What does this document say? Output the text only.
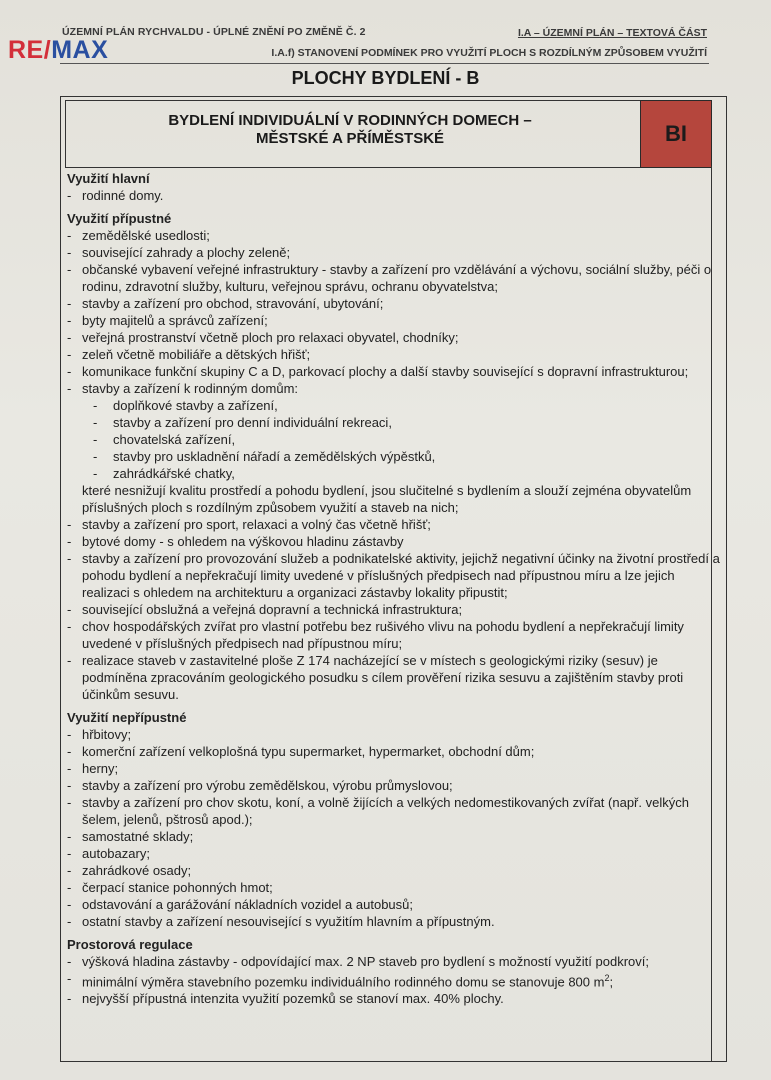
RE/MAX
ÚZEMNÍ PLÁN RYCHVALDU - ÚPLNÉ ZNĚNÍ PO ZMĚNĚ Č. 2	I.A – ÚZEMNÍ PLÁN – TEXTOVÁ ČÁST
I.A.f) STANOVENÍ PODMÍNEK PRO VYUŽITÍ PLOCH S ROZDÍLNÝM ZPŮSOBEM VYUŽITÍ
PLOCHY BYDLENÍ - B
BYDLENÍ INDIVIDUÁLNÍ V RODINNÝCH DOMECH –
MĚSTSKÉ A PŘÍMĚSTSKÉ	BI
Využití hlavní
- rodinné domy.
Využití přípustné
- zemědělské usedlosti;
- související zahrady a plochy zeleně;
- občanské vybavení veřejné infrastruktury - stavby a zařízení pro vzdělávání a výchovu, sociální služby, péči o rodinu, zdravotní služby, kulturu, veřejnou správu, ochranu obyvatelstva;
- stavby a zařízení pro obchod, stravování, ubytování;
- byty majitelů a správců zařízení;
- veřejná prostranství včetně ploch pro relaxaci obyvatel, chodníky;
- zeleň včetně mobiliáře a dětských hřišť;
- komunikace funkční skupiny C a D, parkovací plochy a další stavby související s dopravní infrastrukturou;
- stavby a zařízení k rodinným domům:
-	doplňkové stavby a zařízení,
-	stavby a zařízení pro denní individuální rekreaci,
-	chovatelská zařízení,
-	stavby pro uskladnění nářadí a zemědělských výpěstků,
-	zahrádkářské chatky,
které nesnižují kvalitu prostředí a pohodu bydlení, jsou slučitelné s bydlením a slouží zejména obyvatelům příslušných ploch s rozdílným způsobem využití a staveb na nich;
- stavby a zařízení pro sport, relaxaci a volný čas včetně hřišť;
- bytové domy - s ohledem na výškovou hladinu zástavby
- stavby a zařízení pro provozování služeb a podnikatelské aktivity, jejichž negativní účinky na životní prostředí a pohodu bydlení a nepřekračují limity uvedené v příslušných předpisech nad přípustnou míru a lze jejich realizaci s ohledem na architekturu a organizaci zástavby lokality připustit;
- související obslužná a veřejná dopravní a technická infrastruktura;
- chov hospodářských zvířat pro vlastní potřebu bez rušivého vlivu na pohodu bydlení a nepřekračují limity uvedené v příslušných předpisech nad přípustnou míru;
- realizace staveb v zastavitelné ploše Z 174 nacházející se v místech s geologickými riziky (sesuv) je podmíněna zpracováním geologického posudku s cílem prověření rizika sesuvu a zajištěním stavby proti účinkům sesuvu.
Využití nepřípustné
- hřbitovy;
- komerční zařízení velkoplošná typu supermarket, hypermarket, obchodní dům;
- herny;
- stavby a zařízení pro výrobu zemědělskou, výrobu průmyslovou;
- stavby a zařízení pro chov skotu, koní, a volně žijících a velkých nedomestikovaných zvířat (např. velkých šelem, jelenů, pštrosů apod.);
- samostatné sklady;
- autobazary;
- zahrádkové osady;
- čerpací stanice pohonných hmot;
- odstavování a garážování nákladních vozidel a autobusů;
- ostatní stavby a zařízení nesouvisející s využitím hlavním a přípustným.
Prostorová regulace
- výšková hladina zástavby - odpovídající max. 2 NP staveb pro bydlení s možností využití podkroví;
- minimální výměra stavebního pozemku individuálního rodinného domu se stanovuje 800 $m^2$;
- nejvyšší přípustná intenzita využití pozemků se stanoví max. 40% plochy.
